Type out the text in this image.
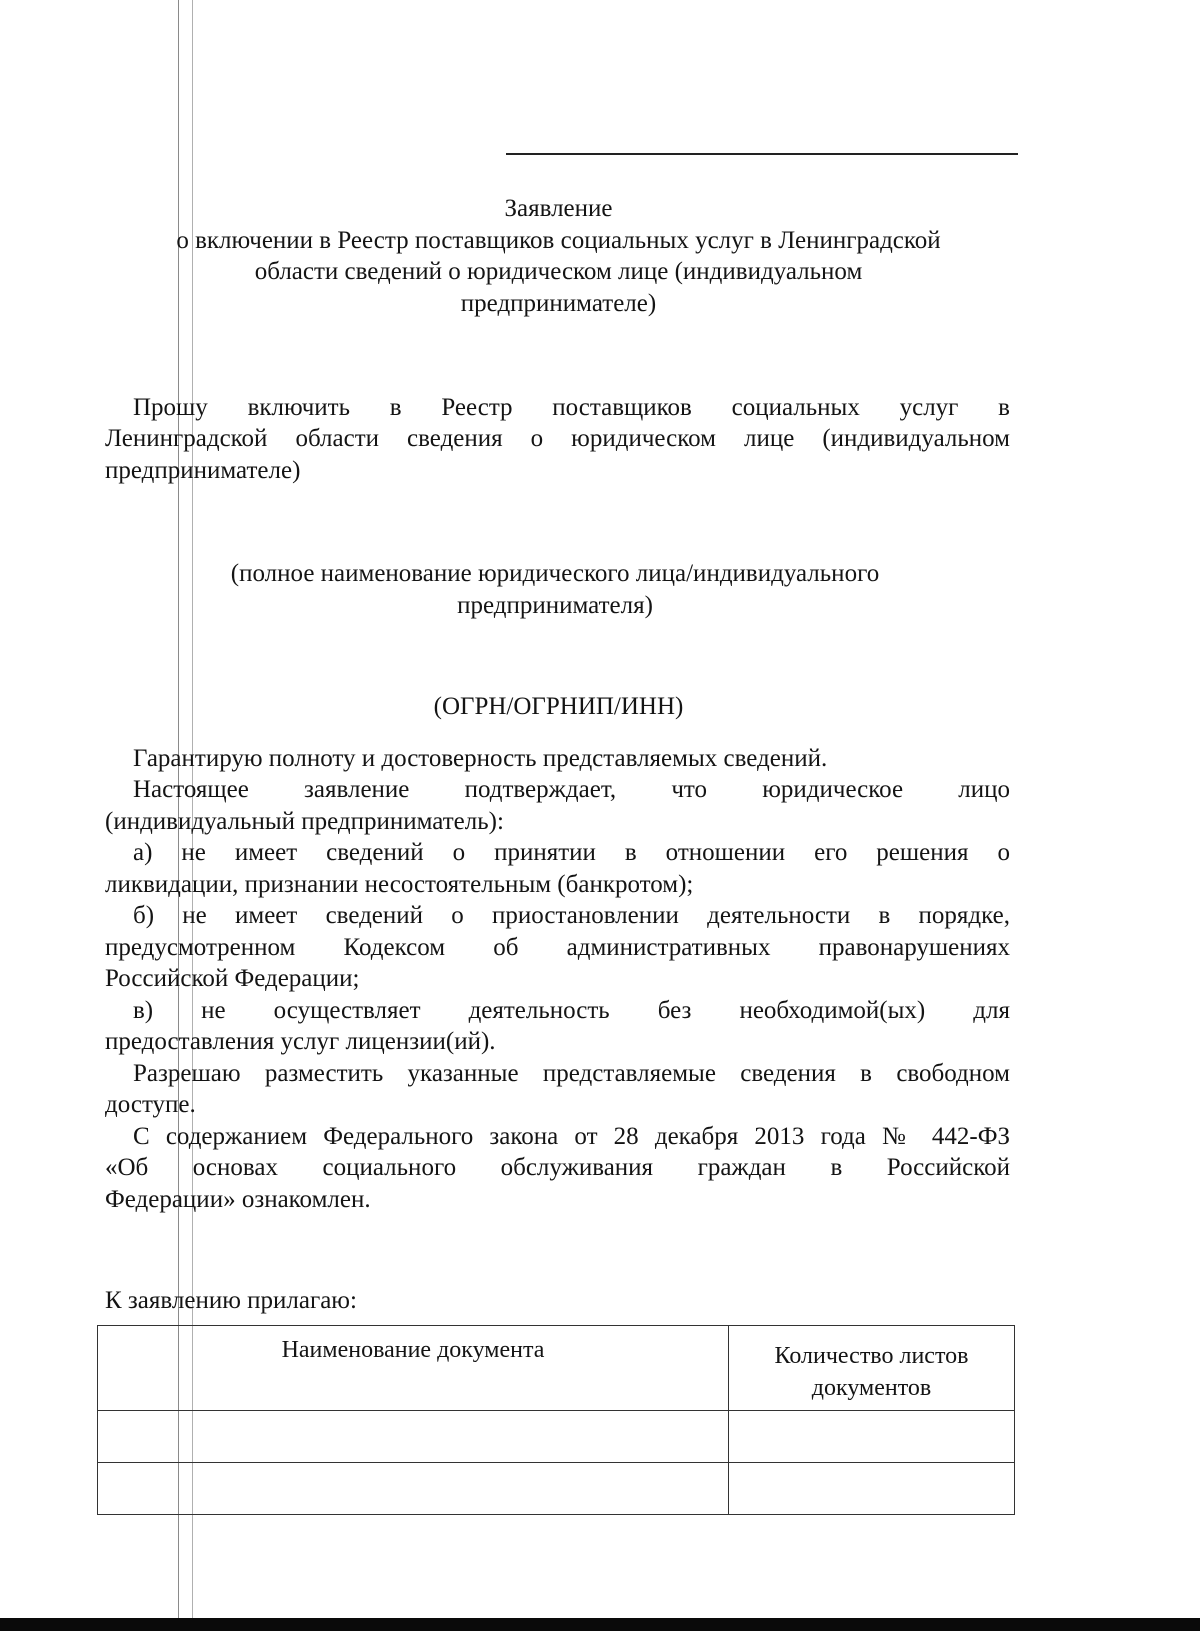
Заявление
о включении в Реестр поставщиков социальных услуг в Ленинградской
области сведений о юридическом лице (индивидуальном
предпринимателе)
Прошу включить в Реестр поставщиков социальных услуг в
Ленинградской области сведения о юридическом лице (индивидуальном
предпринимателе)
(полное наименование юридического лица/индивидуального
предпринимателя)
(ОГРН/ОГРНИП/ИНН)
Гарантирую полноту и достоверность представляемых сведений.
Настоящее заявление подтверждает, что юридическое лицо
(индивидуальный предприниматель):
а) не имеет сведений о принятии в отношении его решения о
ликвидации, признании несостоятельным (банкротом);
б) не имеет сведений о приостановлении деятельности в порядке,
предусмотренном Кодексом об административных правонарушениях
Российской Федерации;
в) не осуществляет деятельность без необходимой(ых) для
предоставления услуг лицензии(ий).
Разрешаю разместить указанные представляемые сведения в свободном
доступе.
С содержанием Федерального закона от 28 декабря 2013 года № 442-ФЗ
«Об основах социального обслуживания граждан в Российской
Федерации» ознакомлен.
К заявлению прилагаю:
Наименование документа	Количество листов
документов
